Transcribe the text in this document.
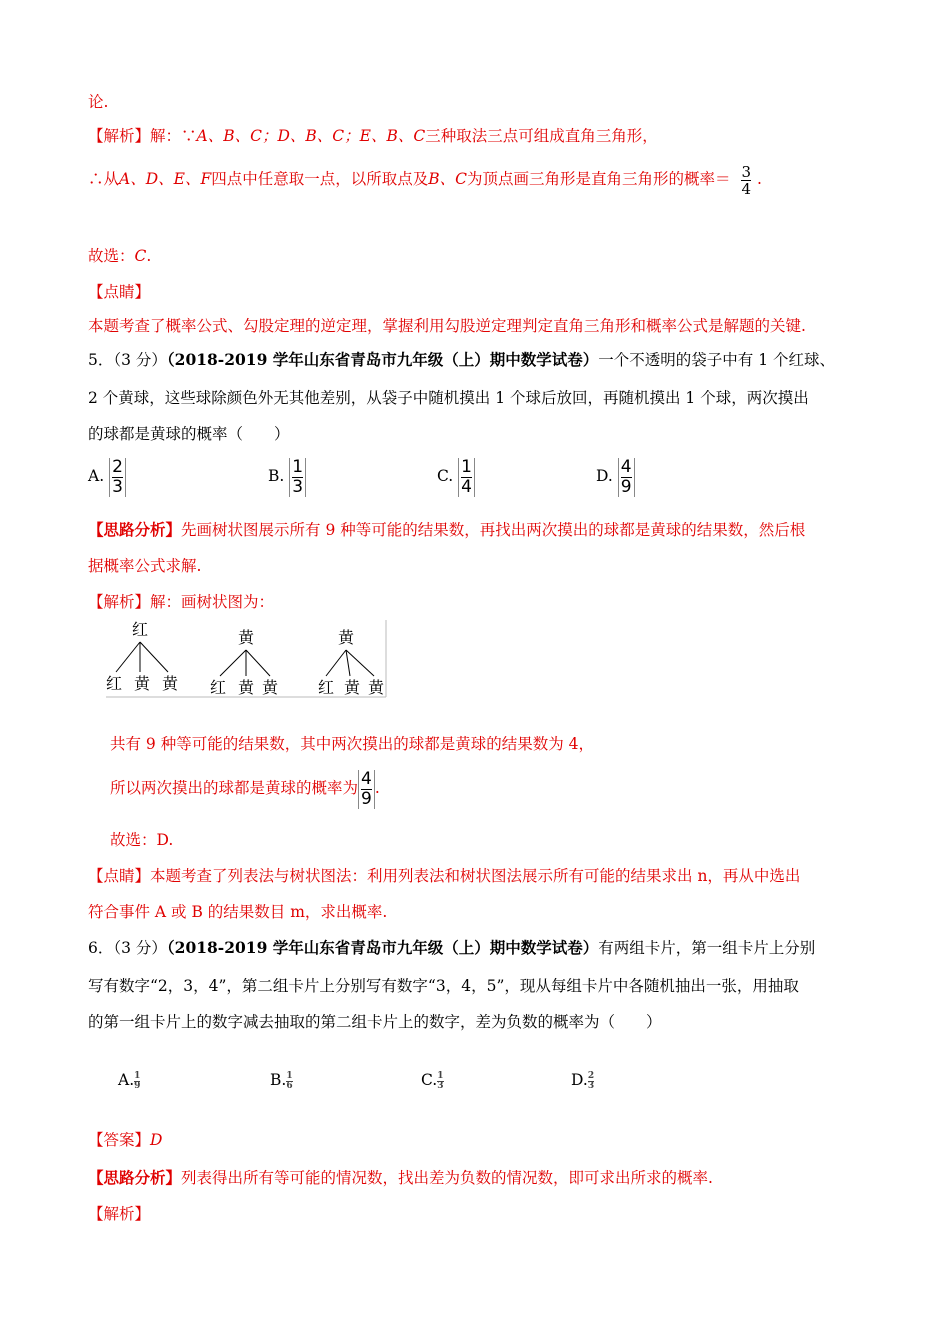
论.
【解析】解：∵A、B、C；D、B、C；E、B、C三种取法三点可组成直角三角形，
∴从A、D、E、F四点中任意取一点，以所取点及B、C为顶点画三角形是直角三角形的概率＝ $\frac{3}{4}$ .
故选：C.
【点睛】
本题考查了概率公式、勾股定理的逆定理，掌握利用勾股逆定理判定直角三角形和概率公式是解题的关键.
5．（3 分）（2018-2019 学年山东省青岛市九年级（上）期中数学试卷）一个不透明的袋子中有 1 个红球、
2 个黄球，这些球除颜色外无其他差别，从袋子中随机摸出 1 个球后放回，再随机摸出 1 个球，两次摸出
的球都是黄球的概率（　　）
A. $\frac{2}{3}$	B. $\frac{1}{3}$	C. $\frac{1}{4}$	D. $\frac{4}{9}$
【思路分析】先画树状图展示所有 9 种等可能的结果数，再找出两次摸出的球都是黄球的结果数，然后根
据概率公式求解.
【解析】解：画树状图为：
红	黄	黄
红 黄 黄 红 黄 黄 红 黄 黄
共有 9 种等可能的结果数，其中两次摸出的球都是黄球的结果数为 4，
所以两次摸出的球都是黄球的概率为$\frac{4}{9}$ .
故选：D.
【点睛】本题考查了列表法与树状图法：利用列表法和树状图法展示所有可能的结果求出 n，再从中选出
符合事件 A 或 B 的结果数目 m，求出概率.
6．（3 分）（2018-2019 学年山东省青岛市九年级（上）期中数学试卷）有两组卡片，第一组卡片上分别
写有数字“2，3，4”，第二组卡片上分别写有数字“3，4，5”，现从每组卡片中各随机抽出一张，用抽取
的第一组卡片上的数字减去抽取的第二组卡片上的数字，差为负数的概率为（　　）
$A.\frac{1}{9}$	$B.\frac{1}{6}$	$C.\frac{1}{3}$	$D.\frac{2}{3}$
【答案】D
【思路分析】列表得出所有等可能的情况数，找出差为负数的情况数，即可求出所求的概率.
【解析】
